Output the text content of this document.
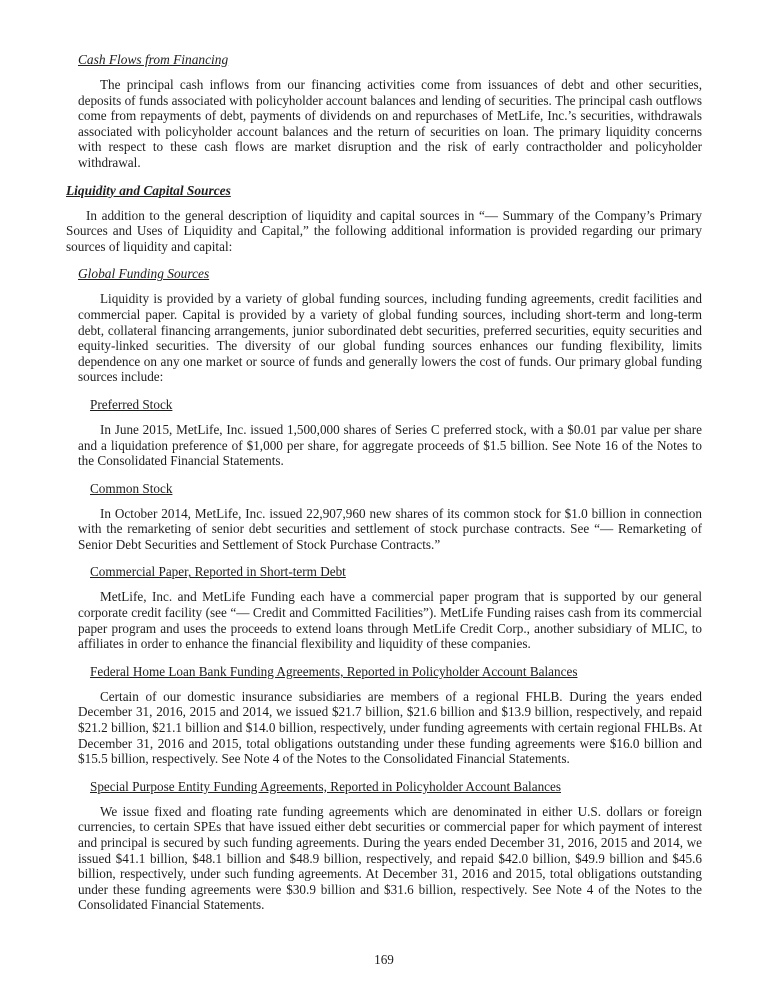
Cash Flows from Financing

The principal cash inflows from our financing activities come from issuances of debt and other securities, deposits of funds associated with policyholder account balances and lending of securities. The principal cash outflows come from repayments of debt, payments of dividends on and repurchases of MetLife, Inc.’s securities, withdrawals associated with policyholder account balances and the return of securities on loan. The primary liquidity concerns with respect to these cash flows are market disruption and the risk of early contractholder and policyholder withdrawal.

Liquidity and Capital Sources

In addition to the general description of liquidity and capital sources in “— Summary of the Company’s Primary Sources and Uses of Liquidity and Capital,” the following additional information is provided regarding our primary sources of liquidity and capital:

Global Funding Sources

Liquidity is provided by a variety of global funding sources, including funding agreements, credit facilities and commercial paper. Capital is provided by a variety of global funding sources, including short-term and long-term debt, collateral financing arrangements, junior subordinated debt securities, preferred securities, equity securities and equity-linked securities. The diversity of our global funding sources enhances our funding flexibility, limits dependence on any one market or source of funds and generally lowers the cost of funds. Our primary global funding sources include:

Preferred Stock

In June 2015, MetLife, Inc. issued 1,500,000 shares of Series C preferred stock, with a $0.01 par value per share and a liquidation preference of $1,000 per share, for aggregate proceeds of $1.5 billion. See Note 16 of the Notes to the Consolidated Financial Statements.

Common Stock

In October 2014, MetLife, Inc. issued 22,907,960 new shares of its common stock for $1.0 billion in connection with the remarketing of senior debt securities and settlement of stock purchase contracts. See “— Remarketing of Senior Debt Securities and Settlement of Stock Purchase Contracts.”

Commercial Paper, Reported in Short-term Debt

MetLife, Inc. and MetLife Funding each have a commercial paper program that is supported by our general corporate credit facility (see “— Credit and Committed Facilities”). MetLife Funding raises cash from its commercial paper program and uses the proceeds to extend loans through MetLife Credit Corp., another subsidiary of MLIC, to affiliates in order to enhance the financial flexibility and liquidity of these companies.

Federal Home Loan Bank Funding Agreements, Reported in Policyholder Account Balances

Certain of our domestic insurance subsidiaries are members of a regional FHLB. During the years ended December 31, 2016, 2015 and 2014, we issued $21.7 billion, $21.6 billion and $13.9 billion, respectively, and repaid $21.2 billion, $21.1 billion and $14.0 billion, respectively, under funding agreements with certain regional FHLBs. At December 31, 2016 and 2015, total obligations outstanding under these funding agreements were $16.0 billion and $15.5 billion, respectively. See Note 4 of the Notes to the Consolidated Financial Statements.

Special Purpose Entity Funding Agreements, Reported in Policyholder Account Balances

We issue fixed and floating rate funding agreements which are denominated in either U.S. dollars or foreign currencies, to certain SPEs that have issued either debt securities or commercial paper for which payment of interest and principal is secured by such funding agreements. During the years ended December 31, 2016, 2015 and 2014, we issued $41.1 billion, $48.1 billion and $48.9 billion, respectively, and repaid $42.0 billion, $49.9 billion and $45.6 billion, respectively, under such funding agreements. At December 31, 2016 and 2015, total obligations outstanding under these funding agreements were $30.9 billion and $31.6 billion, respectively. See Note 4 of the Notes to the Consolidated Financial Statements.

169
